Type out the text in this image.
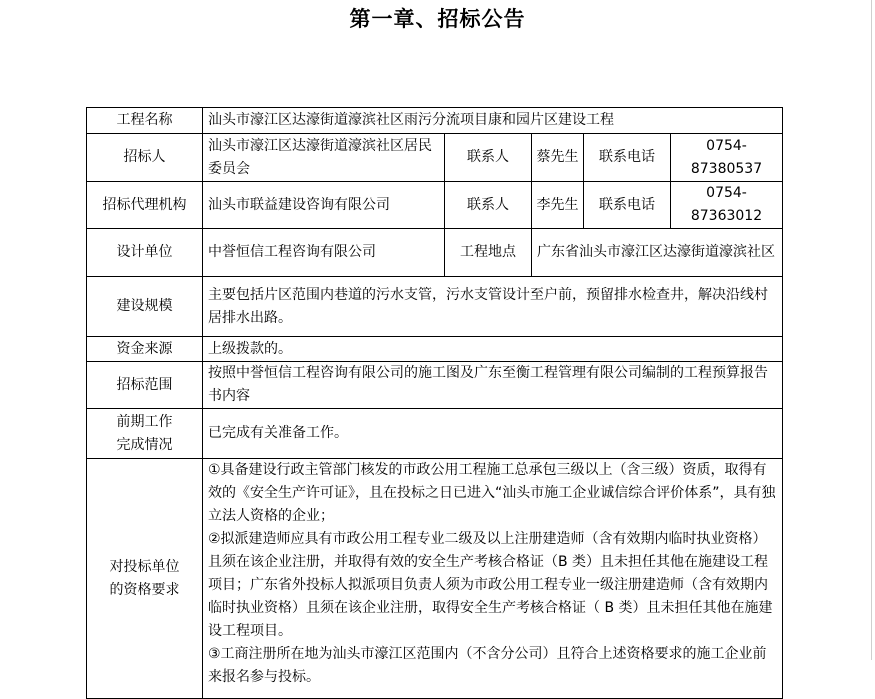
第一章、招标公告
工程名称	汕头市濠江区达濠街道濠滨社区雨污分流项目康和园片区建设工程				
招标人	汕头市濠江区达濠街道濠滨社区居民委员会	联系人	蔡先生	联系电话	0754-87380537
招标代理机构	汕头市联益建设咨询有限公司	联系人	李先生	联系电话	0754-87363012
设计单位	中誉恒信工程咨询有限公司	工程地点	广东省汕头市濠江区达濠街道濠滨社区		
建设规模	主要包括片区范围内巷道的污水支管，污水支管设计至户前，预留排水检查井，解决沿线村居排水出路。				
资金来源	上级拨款的。				
招标范围	按照中誉恒信工程咨询有限公司的施工图及广东至衡工程管理有限公司编制的工程预算报告书内容				

前期工作
完成情况	已完成有关准备工作。				

对投标单位
的资格要求	①具备建设行政主管部门核发的市政公用工程施工总承包三级以上（含三级）资质，取得有效的《安全生产许可证》，且在投标之日已进入“汕头市施工企业诚信综合评价体系”，具有独立法人资格的企业；
②拟派建造师应具有市政公用工程专业二级及以上注册建造师（含有效期内临时执业资格）且须在该企业注册，并取得有效的安全生产考核合格证（B 类）且未担任其他在施建设工程项目；广东省外投标人拟派项目负责人须为市政公用工程专业一级注册建造师（含有效期内临时执业资格）且须在该企业注册，取得安全生产考核合格证（ B 类）且未担任其他在施建设工程项目。
③工商注册所在地为汕头市濠江区范围内（不含分公司）且符合上述资格要求的施工企业前来报名参与投标。				
